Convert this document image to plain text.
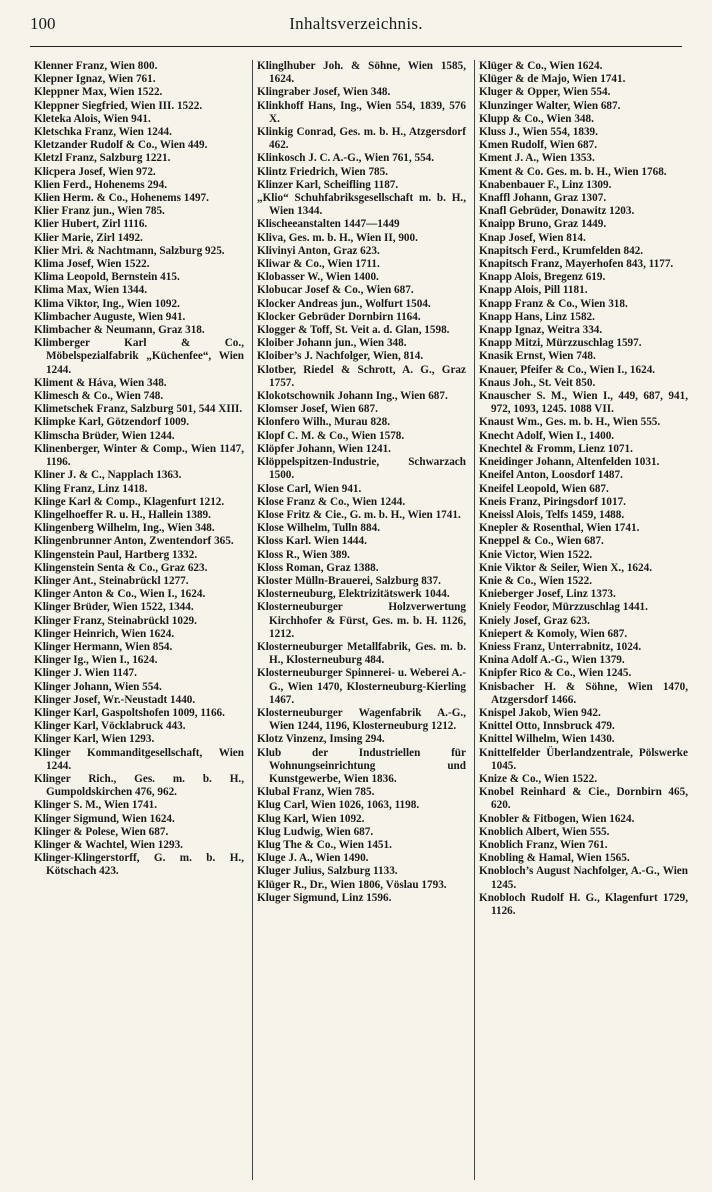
Inhaltsverzeichnis.
100
Klenner Franz, Wien 800.
Klepner Ignaz, Wien 761.
Kleppner Max, Wien 1522.
Kleppner Siegfried, Wien III. 1522.
Kleteka Alois, Wien 941.
Kletschka Franz, Wien 1244.
Kletzander Rudolf & Co., Wien 449.
Kletzl Franz, Salzburg 1221.
Klicpera Josef, Wien 972.
Klien Ferd., Hohenems 294.
Klien Herm. & Co., Hohenems 1497.
Klier Franz jun., Wien 785.
Klier Hubert, Zirl 1116.
Klier Marie, Zirl 1492.
Klier Mri. & Nachtmann, Salzburg 925.
Klima Josef, Wien 1522.
Klima Leopold, Bernstein 415.
Klima Max, Wien 1344.
Klima Viktor, Ing., Wien 1092.
Klimbacher Auguste, Wien 941.
Klimbacher & Neumann, Graz 318.
Klimberger Karl & Co., Möbelspezialfabrik „Küchenfee“, Wien 1244.
Kliment & Háva, Wien 348.
Klimesch & Co., Wien 748.
Klimetschek Franz, Salzburg 501, 544 XIII.
Klimpke Karl, Götzendorf 1009.
Klimscha Brüder, Wien 1244.
Klinenberger, Winter & Comp., Wien 1147, 1196.
Kliner J. & C., Napplach 1363.
Kling Franz, Linz 1418.
Klinge Karl & Comp., Klagenfurt 1212.
Klingelhoeffer R. u. H., Hallein 1389.
Klingenberg Wilhelm, Ing., Wien 348.
Klingenbrunner Anton, Zwentendorf 365.
Klingenstein Paul, Hartberg 1332.
Klingenstein Senta & Co., Graz 623.
Klinger Ant., Steinabrückl 1277.
Klinger Anton & Co., Wien I., 1624.
Klinger Brüder, Wien 1522, 1344.
Klinger Franz, Steinabrückl 1029.
Klinger Heinrich, Wien 1624.
Klinger Hermann, Wien 854.
Klinger Ig., Wien I., 1624.
Klinger J. Wien 1147.
Klinger Johann, Wien 554.
Klinger Josef, Wr.-Neustadt 1440.
Klinger Karl, Gaspoltshofen 1009, 1166.
Klinger Karl, Vöcklabruck 443.
Klinger Karl, Wien 1293.
Klinger Kommanditgesellschaft, Wien 1244.
Klinger Rich., Ges. m. b. H., Gumpoldskirchen 476, 962.
Klinger S. M., Wien 1741.
Klinger Sigmund, Wien 1624.
Klinger & Polese, Wien 687.
Klinger & Wachtel, Wien 1293.
Klinger-Klingerstorff, G. m. b. H., Kötschach 423.
Klinglhuber Joh. & Söhne, Wien 1585, 1624.
Klingraber Josef, Wien 348.
Klinkhoff Hans, Ing., Wien 554, 1839, 576 X.
Klinkig Conrad, Ges. m. b. H., Atzgersdorf 462.
Klinkosch J. C. A.-G., Wien 761, 554.
Klintz Friedrich, Wien 785.
Klinzer Karl, Scheifling 1187.
„Klio“ Schuhfabriksgesellschaft m. b. H., Wien 1344.
Klischeeanstalten 1447—1449
Kliva, Ges. m. b. H., Wien II, 900.
Klivinyi Anton, Graz 623.
Kliwar & Co., Wien 1711.
Klobasser W., Wien 1400.
Klobucar Josef & Co., Wien 687.
Klocker Andreas jun., Wolfurt 1504.
Klocker Gebrüder Dornbirn 1164.
Klogger & Toff, St. Veit a. d. Glan, 1598.
Kloiber Johann jun., Wien 348.
Kloiber’s J. Nachfolger, Wien, 814.
Klotber, Riedel & Schrott, A. G., Graz 1757.
Klokotschownik Johann Ing., Wien 687.
Klomser Josef, Wien 687.
Klonfero Wilh., Murau 828.
Klopf C. M. & Co., Wien 1578.
Klöpfer Johann, Wien 1241.
Klöppelspitzen-Industrie, Schwarzach 1500.
Klose Carl, Wien 941.
Klose Franz & Co., Wien 1244.
Klose Fritz & Cie., G. m. b. H., Wien 1741.
Klose Wilhelm, Tulln 884.
Kloss Karl. Wien 1444.
Kloss R., Wien 389.
Kloss Roman, Graz 1388.
Kloster Mülln-Brauerei, Salzburg 837.
Klosterneuburg, Elektrizitätswerk 1044.
Klosterneuburger Holzverwertung Kirchhofer & Fürst, Ges. m. b. H. 1126, 1212.
Klosterneuburger Metallfabrik, Ges. m. b. H., Klosterneuburg 484.
Klosterneuburger Spinnerei- u. Weberei A.-G., Wien 1470, Klosterneuburg-Kierling 1467.
Klosterneuburger Wagenfabrik A.-G., Wien 1244, 1196, Klosterneuburg 1212.
Klotz Vinzenz, Imsing 294.
Klub der Industriellen für Wohnungseinrichtung und Kunstgewerbe, Wien 1836.
Klubal Franz, Wien 785.
Klug Carl, Wien 1026, 1063, 1198.
Klug Karl, Wien 1092.
Klug Ludwig, Wien 687.
Klug The & Co., Wien 1451.
Kluge J. A., Wien 1490.
Kluger Julius, Salzburg 1133.
Klüger R., Dr., Wien 1806, Vöslau 1793.
Kluger Sigmund, Linz 1596.
Klüger & Co., Wien 1624.
Klüger & de Majo, Wien 1741.
Kluger & Opper, Wien 554.
Klunzinger Walter, Wien 687.
Klupp & Co., Wien 348.
Kluss J., Wien 554, 1839.
Kmen Rudolf, Wien 687.
Kment J. A., Wien 1353.
Kment & Co. Ges. m. b. H., Wien 1768.
Knabenbauer F., Linz 1309.
Knaffl Johann, Graz 1307.
Knafl Gebrüder, Donawitz 1203.
Knaipp Bruno, Graz 1449.
Knap Josef, Wien 814.
Knapitsch Ferd., Krumfelden 842.
Knapitsch Franz, Mayerhofen 843, 1177.
Knapp Alois, Bregenz 619.
Knapp Alois, Pill 1181.
Knapp Franz & Co., Wien 318.
Knapp Hans, Linz 1582.
Knapp Ignaz, Weitra 334.
Knapp Mitzi, Mürzzuschlag 1597.
Knasik Ernst, Wien 748.
Knauer, Pfeifer & Co., Wien I., 1624.
Knaus Joh., St. Veit 850.
Knauscher S. M., Wien I., 449, 687, 941, 972, 1093, 1245. 1088 VII.
Knaust Wm., Ges. m. b. H., Wien 555.
Knecht Adolf, Wien I., 1400.
Knechtel & Fromm, Lienz 1071.
Kneidinger Johann, Altenfelden 1031.
Kneifel Anton, Loosdorf 1487.
Kneifel Leopold, Wien 687.
Kneis Franz, Piringsdorf 1017.
Kneissl Alois, Telfs 1459, 1488.
Knepler & Rosenthal, Wien 1741.
Kneppel & Co., Wien 687.
Knie Victor, Wien 1522.
Knie Viktor & Seiler, Wien X., 1624.
Knie & Co., Wien 1522.
Knieberger Josef, Linz 1373.
Kniely Feodor, Mürzzuschlag 1441.
Kniely Josef, Graz 623.
Kniepert & Komoly, Wien 687.
Kniess Franz, Unterrabnitz, 1024.
Knina Adolf A.-G., Wien 1379.
Knipfer Rico & Co., Wien 1245.
Knisbacher H. & Söhne, Wien 1470, Atzgersdorf 1466.
Knispel Jakob, Wien 942.
Knittel Otto, Innsbruck 479.
Knittel Wilhelm, Wien 1430.
Knittelfelder Überlandzentrale, Pölswerke 1045.
Knize & Co., Wien 1522.
Knobel Reinhard & Cie., Dornbirn 465, 620.
Knobler & Fitbogen, Wien 1624.
Knoblich Albert, Wien 555.
Knoblich Franz, Wien 761.
Knobling & Hamal, Wien 1565.
Knobloch’s August Nachfolger, A.-G., Wien 1245.
Knobloch Rudolf H. G., Klagenfurt 1729, 1126.
